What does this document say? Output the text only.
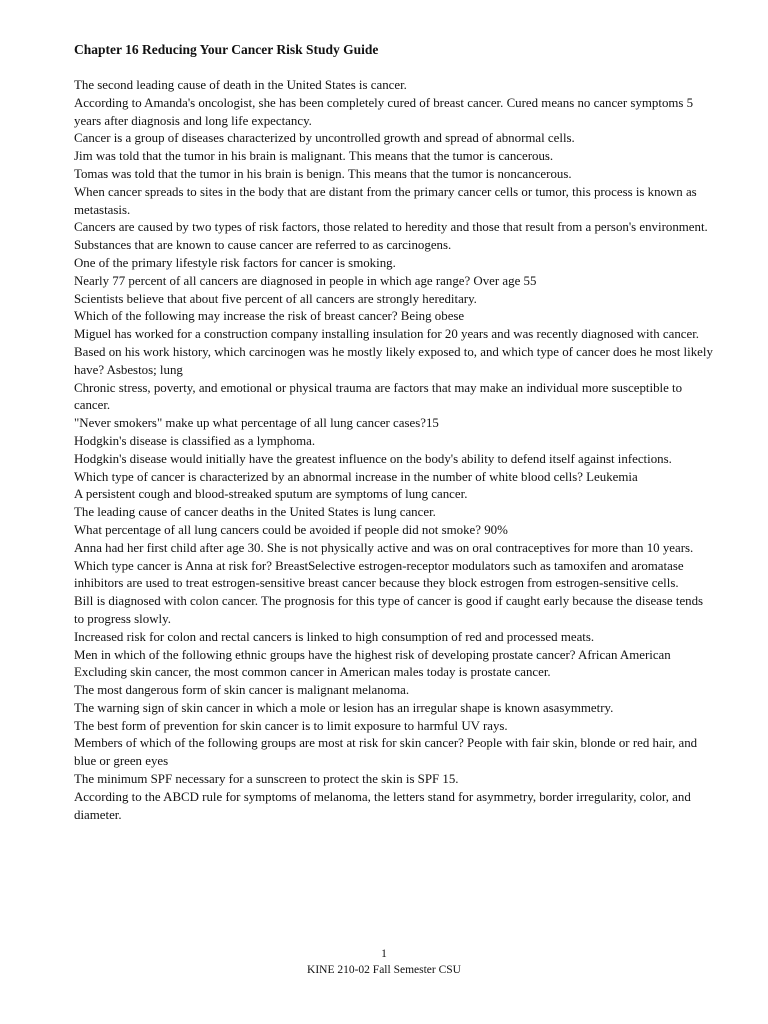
Chapter 16 Reducing Your Cancer Risk Study Guide

The second leading cause of death in the United States is cancer.

According to Amanda's oncologist, she has been completely cured of breast cancer. Cured means no cancer symptoms 5 years after diagnosis and long life expectancy.

Cancer is a group of diseases characterized by uncontrolled growth and spread of abnormal cells.

Jim was told that the tumor in his brain is malignant. This means that the tumor is cancerous.

Tomas was told that the tumor in his brain is benign. This means that the tumor is noncancerous.

When cancer spreads to sites in the body that are distant from the primary cancer cells or tumor, this process is known as metastasis.

Cancers are caused by two types of risk factors, those related to heredity and those that result from a person's environment.

Substances that are known to cause cancer are referred to as carcinogens.

One of the primary lifestyle risk factors for cancer is smoking.

Nearly 77 percent of all cancers are diagnosed in people in which age range? Over age 55

Scientists believe that about five percent of all cancers are strongly hereditary.

Which of the following may increase the risk of breast cancer? Being obese

Miguel has worked for a construction company installing insulation for 20 years and was recently diagnosed with cancer. Based on his work history, which carcinogen was he mostly likely exposed to, and which type of cancer does he most likely have? Asbestos; lung

Chronic stress, poverty, and emotional or physical trauma are factors that may make an individual more susceptible to cancer.

"Never smokers" make up what percentage of all lung cancer cases?15

Hodgkin's disease is classified as a lymphoma.

Hodgkin's disease would initially have the greatest influence on the body's ability to defend itself against infections.

Which type of cancer is characterized by an abnormal increase in the number of white blood cells? Leukemia

A persistent cough and blood-streaked sputum are symptoms of lung cancer.

The leading cause of cancer deaths in the United States is lung cancer.

What percentage of all lung cancers could be avoided if people did not smoke? 90%

Anna had her first child after age 30. She is not physically active and was on oral contraceptives for more than 10 years. Which type cancer is Anna at risk for? BreastSelective estrogen-receptor modulators such as tamoxifen and aromatase inhibitors are used to treat estrogen-sensitive breast cancer because they block estrogen from estrogen-sensitive cells.

Bill is diagnosed with colon cancer. The prognosis for this type of cancer is good if caught early because the disease tends to progress slowly.

Increased risk for colon and rectal cancers is linked to high consumption of red and processed meats.

Men in which of the following ethnic groups have the highest risk of developing prostate cancer? African American

Excluding skin cancer, the most common cancer in American males today is prostate cancer.

The most dangerous form of skin cancer is malignant melanoma.

The warning sign of skin cancer in which a mole or lesion has an irregular shape is known asasymmetry.

The best form of prevention for skin cancer is to limit exposure to harmful UV rays.

Members of which of the following groups are most at risk for skin cancer? People with fair skin, blonde or red hair, and blue or green eyes

The minimum SPF necessary for a sunscreen to protect the skin is SPF 15.

According to the ABCD rule for symptoms of melanoma, the letters stand for asymmetry, border irregularity, color, and diameter.

1
KINE 210-02 Fall Semester CSU
